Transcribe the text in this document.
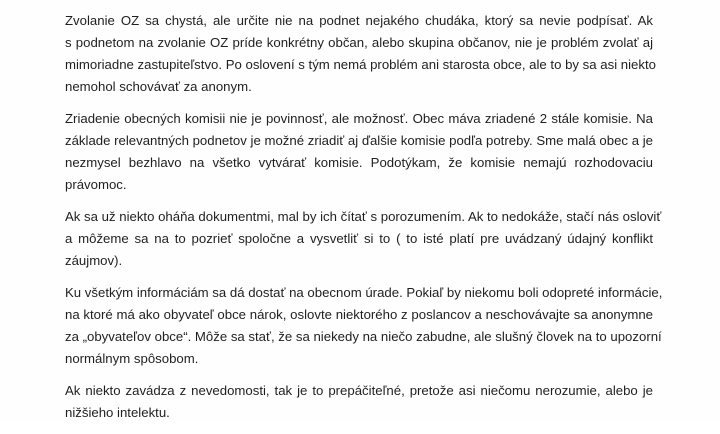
Zvolanie OZ sa chystá, ale určite nie na podnet nejakého chudáka, ktorý sa nevie podpísať. Ak
s podnetom na zvolanie OZ príde konkrétny občan, alebo skupina občanov, nie je problém zvolať aj
mimoriadne zastupiteľstvo. Po oslovení s tým nemá problém ani starosta obce, ale to by sa asi niekto
nemohol schovávať za anonym.

Zriadenie obecných komisii nie je povinnosť, ale možnosť. Obec máva zriadené 2 stále komisie. Na
základe relevantných podnetov je možné zriadiť aj ďalšie komisie podľa potreby. Sme malá obec a je
nezmysel bezhlavo na všetko vytvárať komisie. Podotýkam, že komisie nemajú rozhodovaciu
právomoc.

Ak sa už niekto oháňa dokumentmi, mal by ich čítať s porozumením. Ak to nedokáže, stačí nás osloviť
a môžeme sa na to pozrieť spoločne a vysvetliť si to ( to isté platí pre uvádzaný údajný konflikt
záujmov).

Ku všetkým informáciám sa dá dostať na obecnom úrade. Pokiaľ by niekomu boli odopreté informácie,
na ktoré má ako obyvateľ obce nárok, oslovte niektorého z poslancov a neschovávajte sa anonymne
za „obyvateľov obce“. Môže sa stať, že sa niekedy na niečo zabudne, ale slušný človek na to upozorní
normálnym spôsobom.

Ak niekto zavádza z nevedomosti, tak je to prepáčiteľné, pretože asi niečomu nerozumie, alebo je
nižšieho intelektu.
